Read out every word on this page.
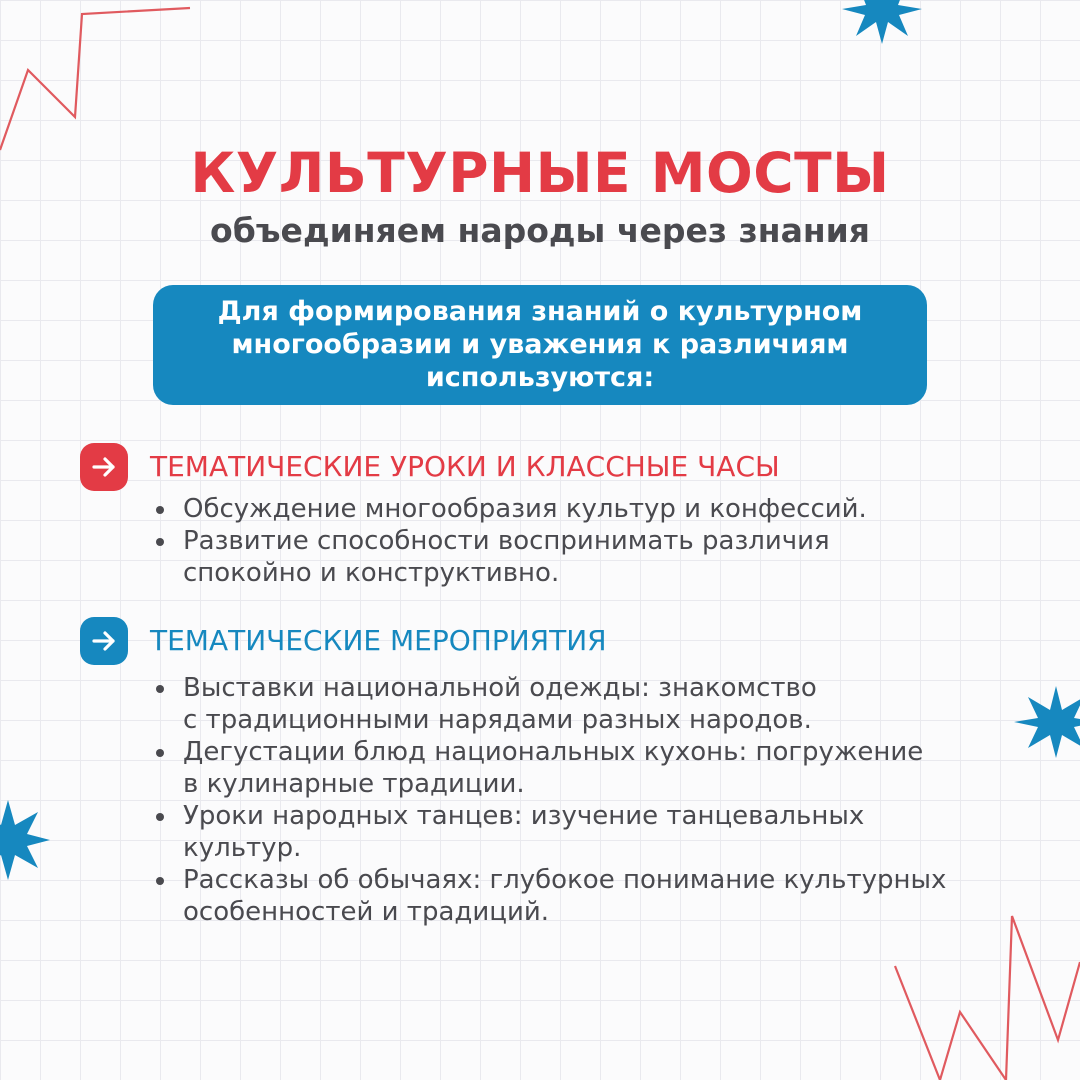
КУЛЬТУРНЫЕ МОСТЫ
объединяем народы через знания
Для формирования знаний о культурном многообразии и уважения к различиям используются:
ТЕМАТИЧЕСКИЕ УРОКИ И КЛАССНЫЕ ЧАСЫ
Обсуждение многообразия культур и конфессий.
Развитие способности воспринимать различия
спокойно и конструктивно.
ТЕМАТИЧЕСКИЕ МЕРОПРИЯТИЯ
Выставки национальной одежды: знакомство
с традиционными нарядами разных народов.
Дегустации блюд национальных кухонь: погружение
в кулинарные традиции.
Уроки народных танцев: изучение танцевальных
культур.
Рассказы об обычаях: глубокое понимание культурных
особенностей и традиций.
